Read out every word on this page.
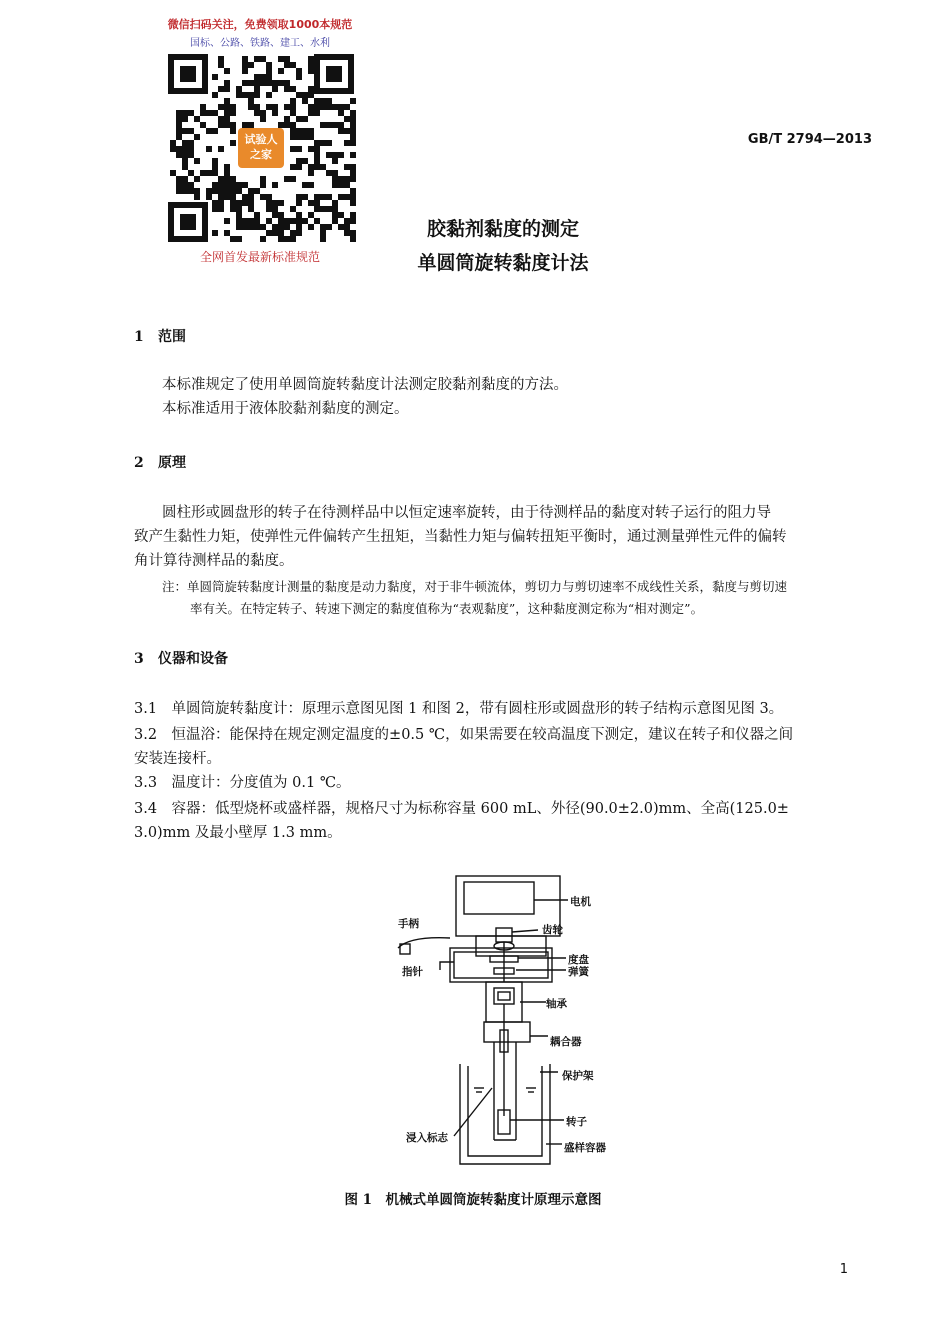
微信扫码关注，免费领取1000本规范
国标、公路、铁路、建工、水利
试验人
之家
全网首发最新标准规范
GB/T 2794—2013
胶黏剂黏度的测定
单圆筒旋转黏度计法
1 范围
本标准规定了使用单圆筒旋转黏度计法测定胶黏剂黏度的方法。
本标准适用于液体胶黏剂黏度的测定。
2 原理
圆柱形或圆盘形的转子在待测样品中以恒定速率旋转，由于待测样品的黏度对转子运行的阻力导
致产生黏性力矩，使弹性元件偏转产生扭矩，当黏性力矩与偏转扭矩平衡时，通过测量弹性元件的偏转
角计算待测样品的黏度。
注：单圆筒旋转黏度计测量的黏度是动力黏度，对于非牛顿流体，剪切力与剪切速率不成线性关系，黏度与剪切速
率有关。在特定转子、转速下测定的黏度值称为“表观黏度”，这种黏度测定称为“相对测定”。
3 仪器和设备
3.1　单圆筒旋转黏度计：原理示意图见图 1 和图 2，带有圆柱形或圆盘形的转子结构示意图见图 3。
3.2　恒温浴：能保持在规定测定温度的±0.5 ℃，如果需要在较高温度下测定，建议在转子和仪器之间
安装连接杆。
3.3　温度计：分度值为 0.1 ℃。
3.4　容器：低型烧杯或盛样器，规格尺寸为标称容量 600 mL、外径(90.0±2.0)mm、全高(125.0±
3.0)mm 及最小壁厚 1.3 mm。
电机
手柄	齿轮
度盘
弹簧
指针
轴承
耦合器
保护架
浸入标志
转子
盛样容器
图 1　机械式单圆筒旋转黏度计原理示意图
1
